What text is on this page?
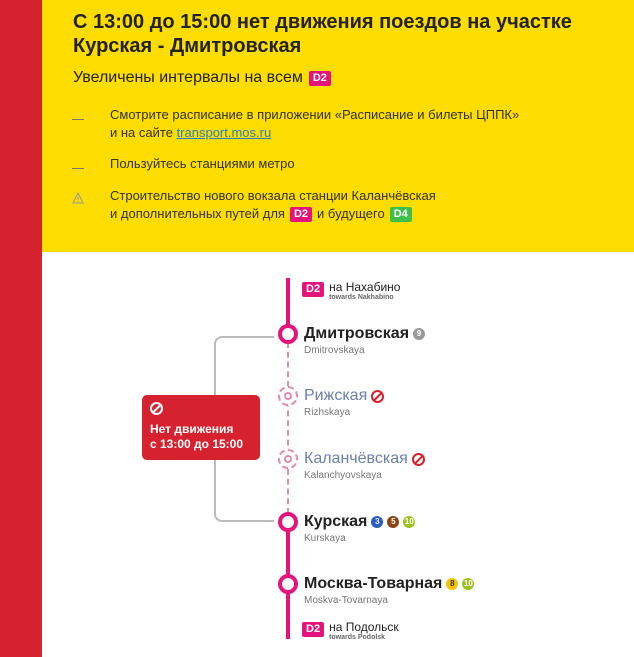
С 13:00 до 15:00 нет движения поездов на участке Курская - Дмитровская
Увеличены интервалы на всем D2
Смотрите расписание в приложении «Расписание и билеты ЦППК»
и на сайте transport.mos.ru
Пользуйтесь станциями метро
Строительство нового вокзала станции Каланчёвская
и дополнительных путей для D2 и будущего D4
D2 на Нахабино
towards Nakhabino
Дмитровская 9
Dmitrovskaya
Рижская
Rizhskaya
Каланчёвская
Kalanchyovskaya
Курская 3	5	10
Kurskaya
Москва-Товарная 8	10
Moskva-Tovarnaya
D2 на Подольск
towards Podolsk
Нет движения
с 13:00 до 15:00
